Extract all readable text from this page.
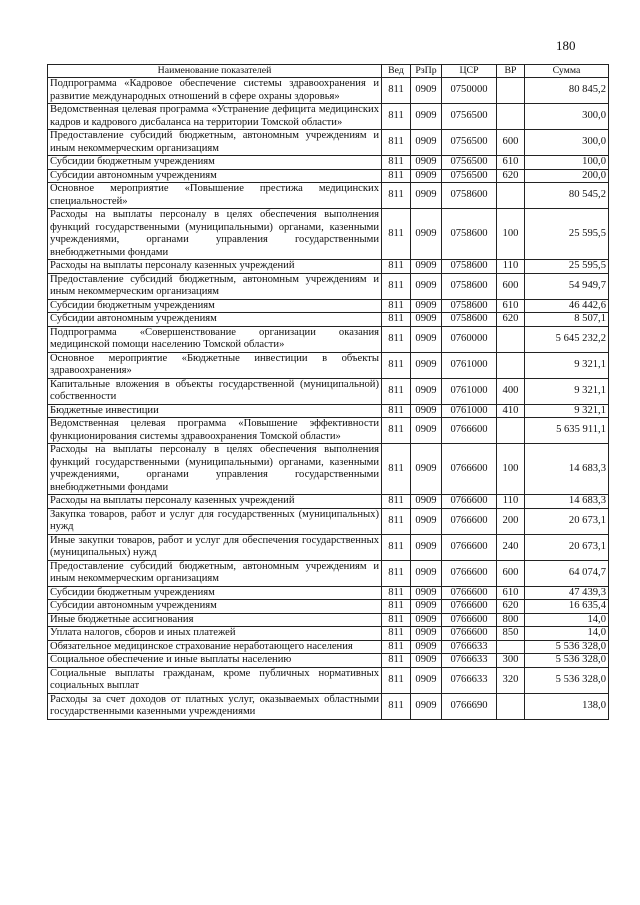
180
Наименование показателей	Вед	РзПр	ЦСР	ВР	Сумма
Подпрограмма «Кадровое обеспечение системы здравоохранения и развитие международных отношений в сфере охраны здоровья»	811	0909	0750000		80 845,2
Ведомственная целевая программа «Устранение дефицита медицинских кадров и кадрового дисбаланса на территории Томской области»	811	0909	0756500		300,0
Предоставление субсидий бюджетным, автономным учреждениям и иным некоммерческим организациям	811	0909	0756500	600	300,0
Субсидии бюджетным учреждениям	811	0909	0756500	610	100,0
Субсидии автономным учреждениям	811	0909	0756500	620	200,0
Основное мероприятие «Повышение престижа медицинских специальностей»	811	0909	0758600		80 545,2
Расходы на выплаты персоналу в целях обеспечения выполнения функций государственными (муниципальными) органами, казенными учреждениями, органами управления государственными внебюджетными фондами	811	0909	0758600	100	25 595,5
Расходы на выплаты персоналу казенных учреждений	811	0909	0758600	110	25 595,5
Предоставление субсидий бюджетным, автономным учреждениям и иным некоммерческим организациям	811	0909	0758600	600	54 949,7
Субсидии бюджетным учреждениям	811	0909	0758600	610	46 442,6
Субсидии автономным учреждениям	811	0909	0758600	620	8 507,1
Подпрограмма «Совершенствование организации оказания медицинской помощи населению Томской области»	811	0909	0760000		5 645 232,2
Основное мероприятие «Бюджетные инвестиции в объекты здравоохранения»	811	0909	0761000		9 321,1
Капитальные вложения в объекты государственной (муниципальной) собственности	811	0909	0761000	400	9 321,1
Бюджетные инвестиции	811	0909	0761000	410	9 321,1
Ведомственная целевая программа «Повышение эффективности функционирования системы здравоохранения Томской области»	811	0909	0766600		5 635 911,1
Расходы на выплаты персоналу в целях обеспечения выполнения функций государственными (муниципальными) органами, казенными учреждениями, органами управления государственными внебюджетными фондами	811	0909	0766600	100	14 683,3
Расходы на выплаты персоналу казенных учреждений	811	0909	0766600	110	14 683,3
Закупка товаров, работ и услуг для государственных (муниципальных) нужд	811	0909	0766600	200	20 673,1
Иные закупки товаров, работ и услуг для обеспечения государственных (муниципальных) нужд	811	0909	0766600	240	20 673,1
Предоставление субсидий бюджетным, автономным учреждениям и иным некоммерческим организациям	811	0909	0766600	600	64 074,7
Субсидии бюджетным учреждениям	811	0909	0766600	610	47 439,3
Субсидии автономным учреждениям	811	0909	0766600	620	16 635,4
Иные бюджетные ассигнования	811	0909	0766600	800	14,0
Уплата налогов, сборов и иных платежей	811	0909	0766600	850	14,0
Обязательное медицинское страхование неработающего населения	811	0909	0766633		5 536 328,0
Социальное обеспечение и иные выплаты населению	811	0909	0766633	300	5 536 328,0
Социальные выплаты гражданам, кроме публичных нормативных социальных выплат	811	0909	0766633	320	5 536 328,0
Расходы за счет доходов от платных услуг, оказываемых областными государственными казенными учреждениями	811	0909	0766690		138,0
